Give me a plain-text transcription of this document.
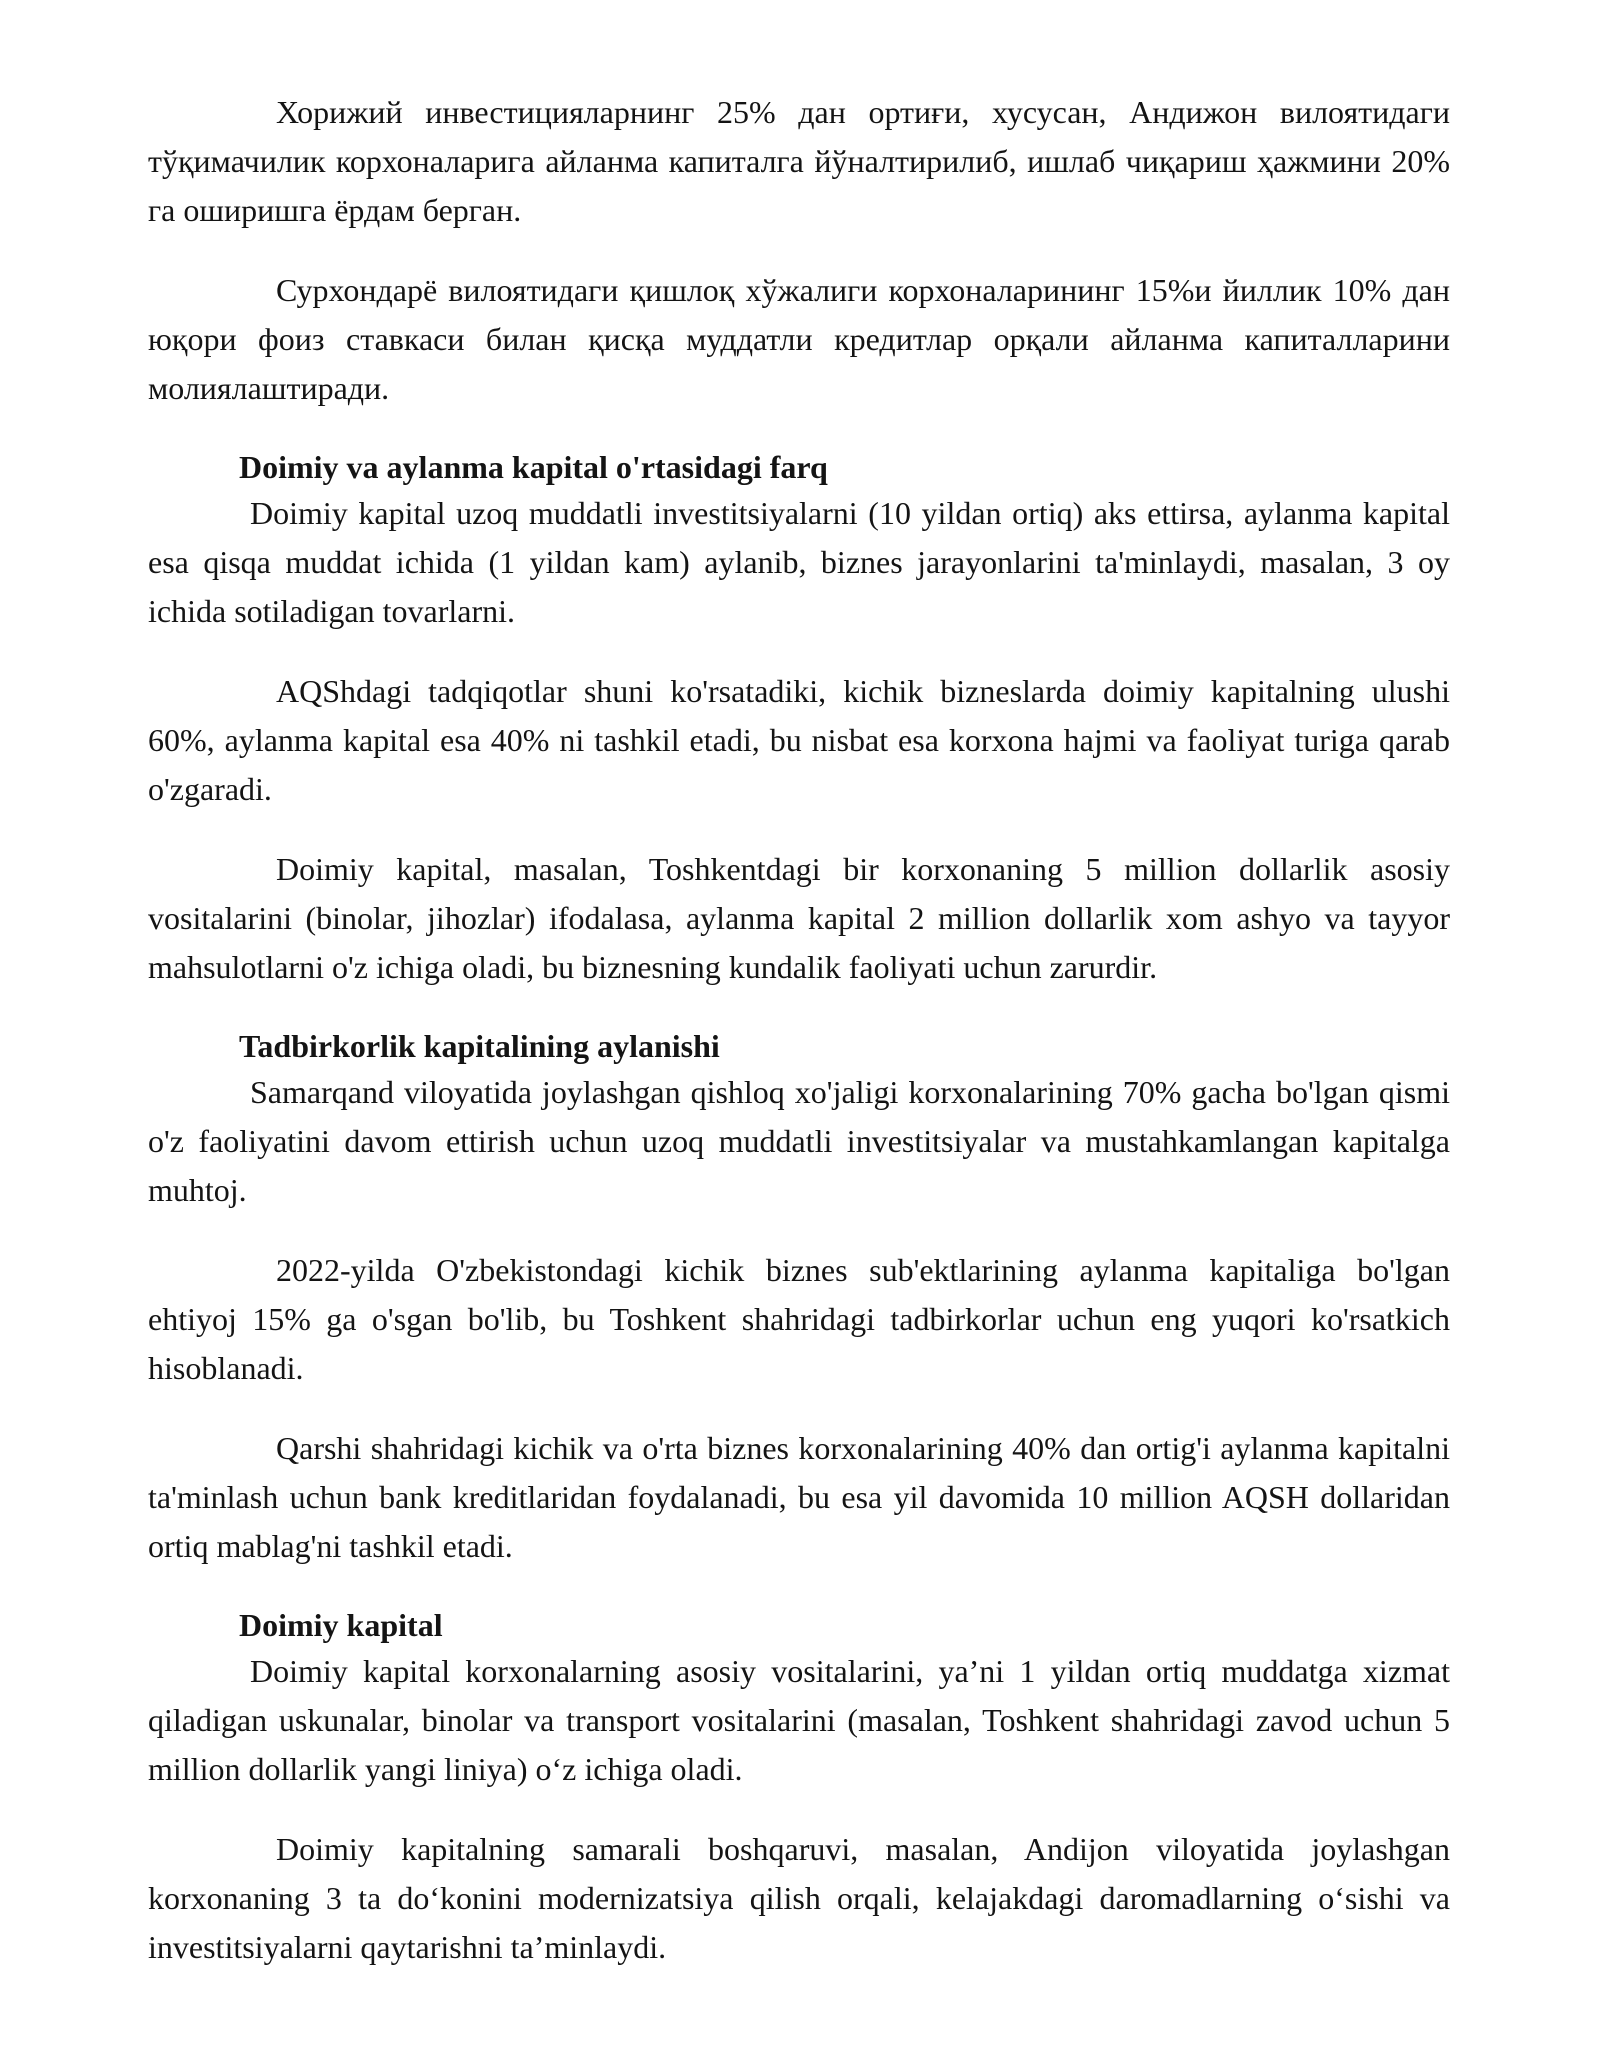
Хорижий инвестицияларнинг 25% дан ортиғи, хусусан, Андижон вилоятидаги тўқимачилик корхоналарига айланма капиталга йўналтирилиб, ишлаб чиқариш ҳажмини 20% га оширишга ёрдам берган.

Сурхондарё вилоятидаги қишлоқ хўжалиги корхоналарининг 15%и йиллик 10% дан юқори фоиз ставкаси билан қисқа муддатли кредитлар орқали айланма капиталларини молиялаштиради.

Doimiy va aylanma kapital o'rtasidagi farq

Doimiy kapital uzoq muddatli investitsiyalarni (10 yildan ortiq) aks ettirsa, aylanma kapital esa qisqa muddat ichida (1 yildan kam) aylanib, biznes jarayonlarini ta'minlaydi, masalan, 3 oy ichida sotiladigan tovarlarni.

AQShdagi tadqiqotlar shuni ko'rsatadiki, kichik bizneslarda doimiy kapitalning ulushi 60%, aylanma kapital esa 40% ni tashkil etadi, bu nisbat esa korxona hajmi va faoliyat turiga qarab o'zgaradi.

Doimiy kapital, masalan, Toshkentdagi bir korxonaning 5 million dollarlik asosiy vositalarini (binolar, jihozlar) ifodalasa, aylanma kapital 2 million dollarlik xom ashyo va tayyor mahsulotlarni o'z ichiga oladi, bu biznesning kundalik faoliyati uchun zarurdir.

Tadbirkorlik kapitalining aylanishi

Samarqand viloyatida joylashgan qishloq xo'jaligi korxonalarining 70% gacha bo'lgan qismi o'z faoliyatini davom ettirish uchun uzoq muddatli investitsiyalar va mustahkamlangan kapitalga muhtoj.

2022-yilda O'zbekistondagi kichik biznes sub'ektlarining aylanma kapitaliga bo'lgan ehtiyoj 15% ga o'sgan bo'lib, bu Toshkent shahridagi tadbirkorlar uchun eng yuqori ko'rsatkich hisoblanadi.

Qarshi shahridagi kichik va o'rta biznes korxonalarining 40% dan ortig'i aylanma kapitalni ta'minlash uchun bank kreditlaridan foydalanadi, bu esa yil davomida 10 million AQSH dollaridan ortiq mablag'ni tashkil etadi.

Doimiy kapital

Doimiy kapital korxonalarning asosiy vositalarini, ya’ni 1 yildan ortiq muddatga xizmat qiladigan uskunalar, binolar va transport vositalarini (masalan, Toshkent shahridagi zavod uchun 5 million dollarlik yangi liniya) o‘z ichiga oladi.

Doimiy kapitalning samarali boshqaruvi, masalan, Andijon viloyatida joylashgan korxonaning 3 ta do‘konini modernizatsiya qilish orqali, kelajakdagi daromadlarning o‘sishi va investitsiyalarni qaytarishni ta’minlaydi.
